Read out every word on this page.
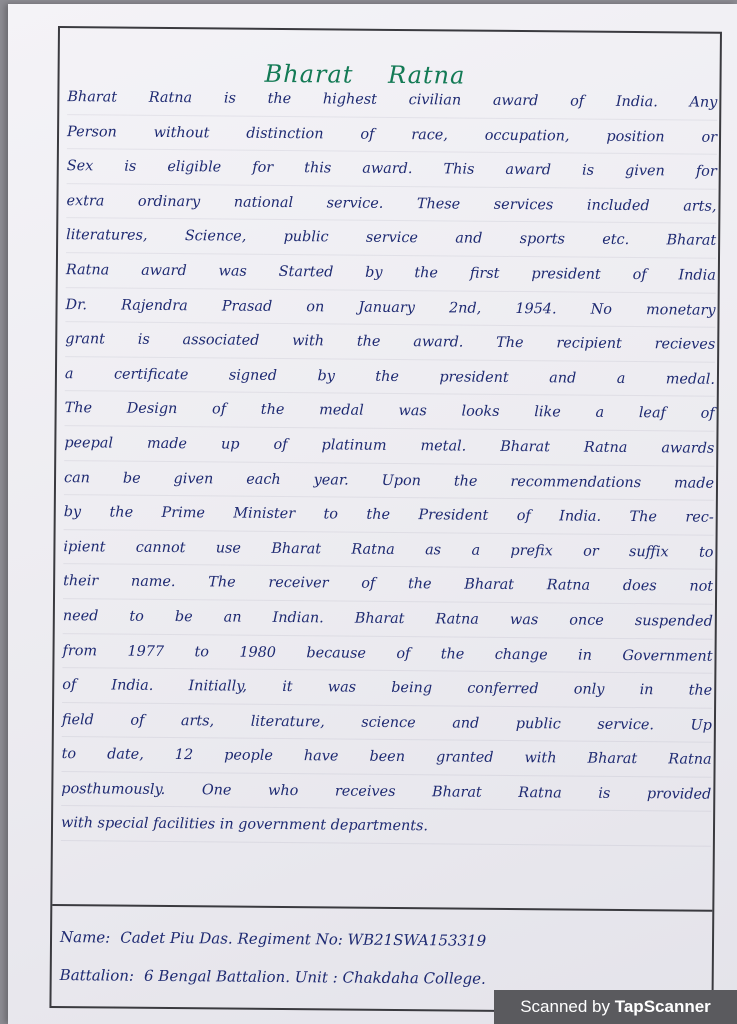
Bharat Ratna
Bharat Ratna is the highest civilian award of India. Any
Person without distinction of race, occupation, position or
Sex is eligible for this award. This award is given for
extra ordinary national service. These services included arts,
literatures, Science, public service and sports etc. Bharat
Ratna award was Started by the first president of India
Dr. Rajendra Prasad on January 2nd, 1954. No monetary
grant is associated with the award. The recipient recieves
a certificate signed by the president and a medal.
The Design of the medal was looks like a leaf of
peepal made up of platinum metal. Bharat Ratna awards
can be given each year. Upon the recommendations made
by the Prime Minister to the President of India. The rec-
ipient cannot use Bharat Ratna as a prefix or suffix to
their name. The receiver of the Bharat Ratna does not
need to be an Indian. Bharat Ratna was once suspended
from 1977 to 1980 because of the change in Government
of India. Initially, it was being conferred only in the
field of arts, literature, science and public service. Up
to date, 12 people have been granted with Bharat Ratna
posthumously. One who receives Bharat Ratna is provided
with special facilities in government departments.
Name: Cadet Piu Das. Regiment No: WB21SWA153319
Battalion: 6 Bengal Battalion. Unit : Chakdaha College.
Scanned by TapScanner
